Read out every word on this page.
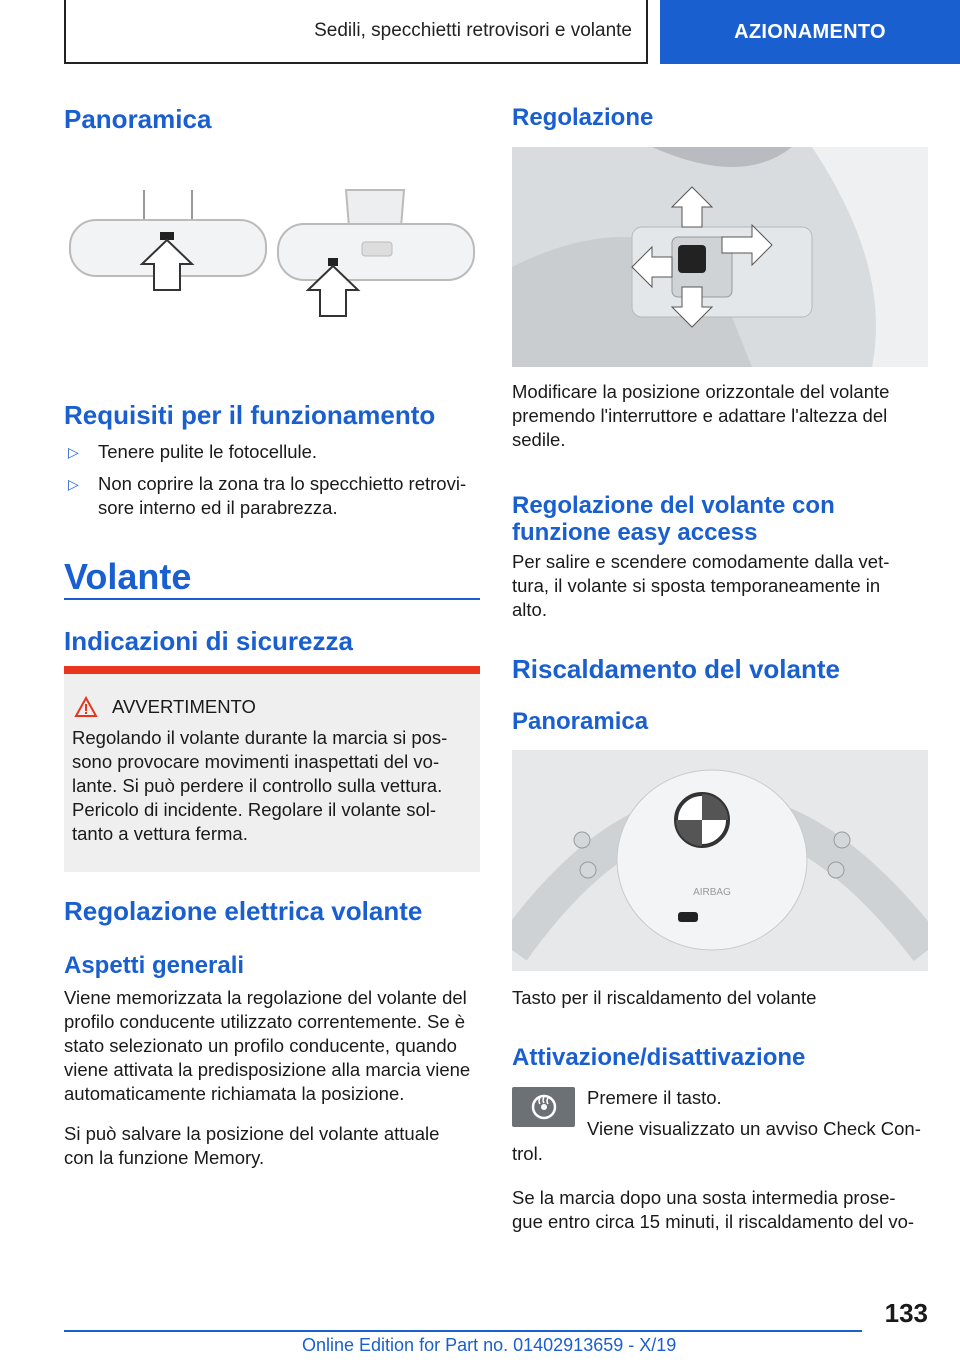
Sedili, specchietti retrovisori e volante	AZIONAMENTO
Panoramica
Requisiti per il funzionamento
▷	Tenere pulite le fotocellule.
▷	Non coprire la zona tra lo specchietto retrovi-
sore interno ed il parabrezza.
Volante
Indicazioni di sicurezza
AVVERTIMENTO

Regolando il volante durante la marcia si pos-

sono provocare movimenti inaspettati del vo-

lante. Si può perdere il controllo sulla vettura.

Pericolo di incidente. Regolare il volante sol-

tanto a vettura ferma.

Regolazione elettrica volante
Aspetti generali

Viene memorizzata la regolazione del volante del

profilo conducente utilizzato correntemente. Se è

stato selezionato un profilo conducente, quando

viene attivata la predisposizione alla marcia viene

automaticamente richiamata la posizione.

Si può salvare la posizione del volante attuale

con la funzione Memory.

Regolazione

Modificare la posizione orizzontale del volante

premendo l'interruttore e adattare l'altezza del

sedile.

Regolazione del volante con
funzione easy access

Per salire e scendere comodamente dalla vet-

tura, il volante si sposta temporaneamente in

alto.

Riscaldamento del volante
Panoramica
AIRBAG

Tasto per il riscaldamento del volante

Attivazione/disattivazione

Premere il tasto.

Viene visualizzato un avviso Check Con-

trol.

Se la marcia dopo una sosta intermedia prose-

gue entro circa 15 minuti, il riscaldamento del vo-

133
Online Edition for Part no. 01402913659 - X/19
